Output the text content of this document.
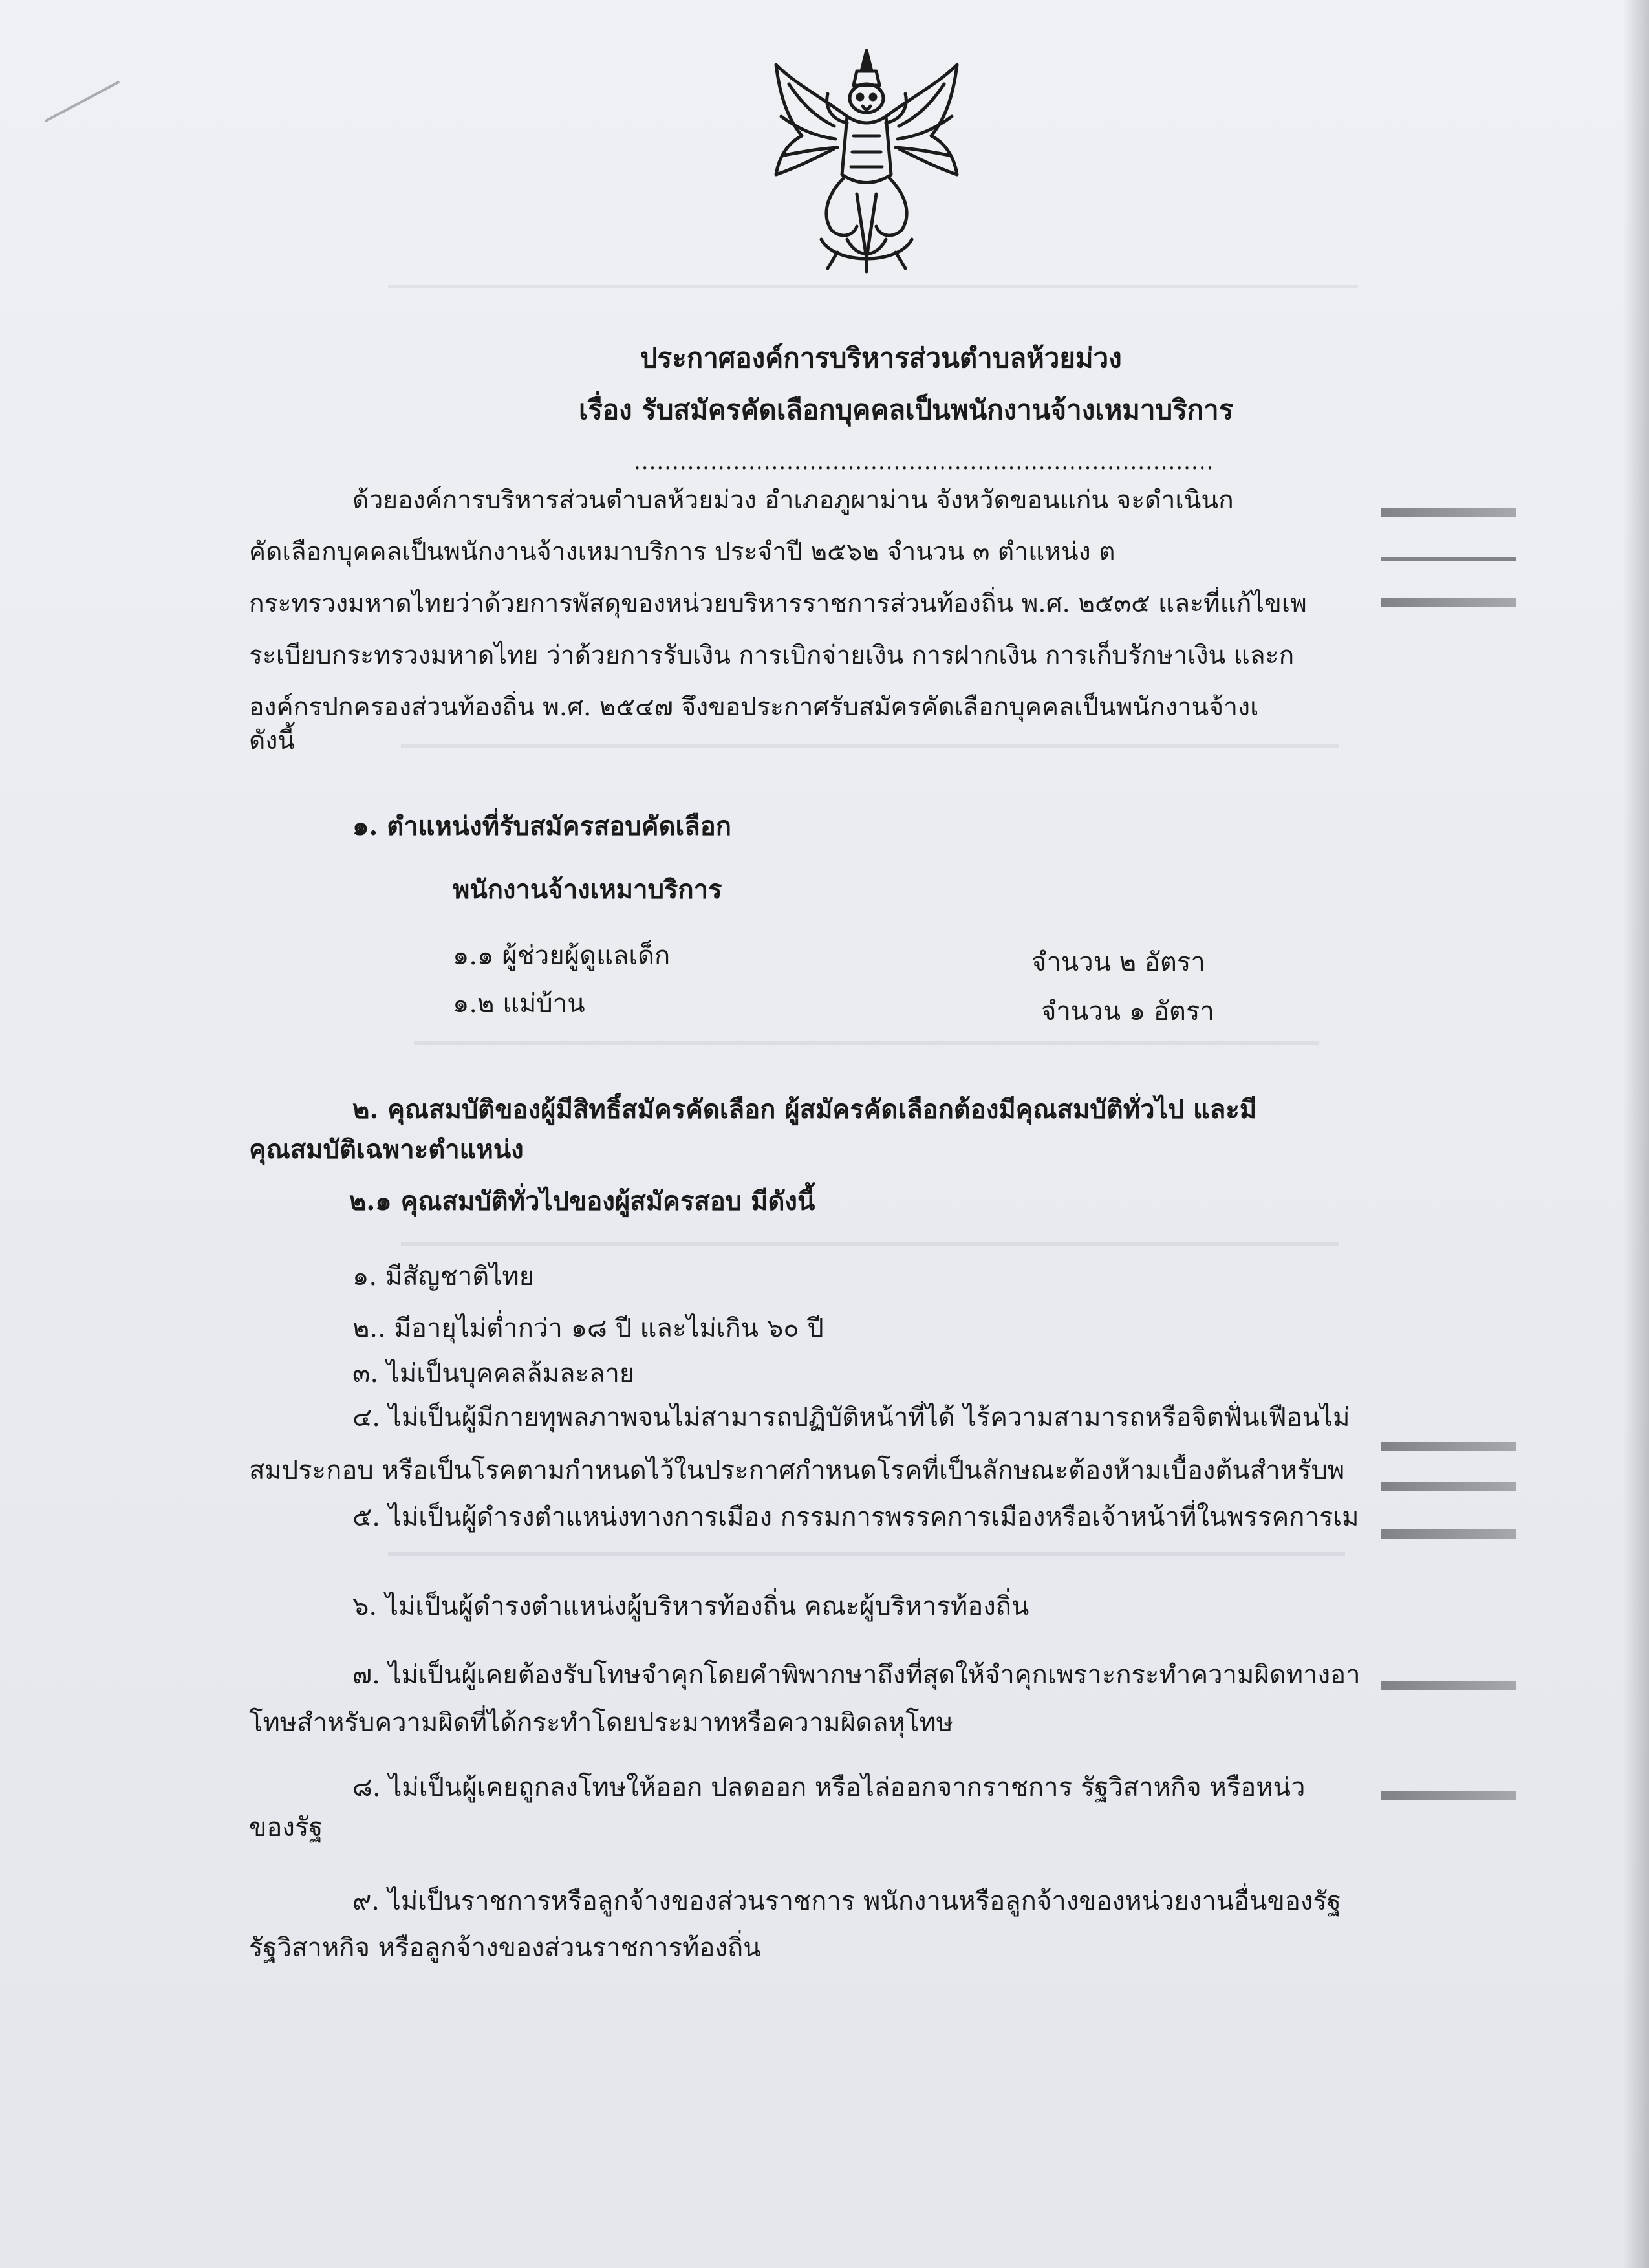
ประกาศองค์การบริหารส่วนตำบลห้วยม่วง
เรื่อง รับสมัครคัดเลือกบุคคลเป็นพนักงานจ้างเหมาบริการ
............................................................................
ด้วยองค์การบริหารส่วนตำบลห้วยม่วง อำเภอภูผาม่าน จังหวัดขอนแก่น จะดำเนินก
คัดเลือกบุคคลเป็นพนักงานจ้างเหมาบริการ ประจำปี ๒๕๖๒ จำนวน ๓ ตำแหน่ง ต
กระทรวงมหาดไทยว่าด้วยการพัสดุของหน่วยบริหารราชการส่วนท้องถิ่น พ.ศ. ๒๕๓๕ และที่แก้ไขเพ
ระเบียบกระทรวงมหาดไทย ว่าด้วยการรับเงิน การเบิกจ่ายเงิน การฝากเงิน การเก็บรักษาเงิน และก
องค์กรปกครองส่วนท้องถิ่น พ.ศ. ๒๕๔๗ จึงขอประกาศรับสมัครคัดเลือกบุคคลเป็นพนักงานจ้างเ
ดังนี้
๑. ตำแหน่งที่รับสมัครสอบคัดเลือก
พนักงานจ้างเหมาบริการ
๑.๑ ผู้ช่วยผู้ดูแลเด็ก	จำนวน ๒ อัตรา
๑.๒ แม่บ้าน	จำนวน ๑ อัตรา
๒. คุณสมบัติของผู้มีสิทธิ์สมัครคัดเลือก ผู้สมัครคัดเลือกต้องมีคุณสมบัติทั่วไป และมี
คุณสมบัติเฉพาะตำแหน่ง
๒.๑ คุณสมบัติทั่วไปของผู้สมัครสอบ มีดังนี้
๑. มีสัญชาติไทย
๒.. มีอายุไม่ต่ำกว่า ๑๘ ปี และไม่เกิน ๖๐ ปี
๓. ไม่เป็นบุคคลล้มละลาย
๔. ไม่เป็นผู้มีกายทุพลภาพจนไม่สามารถปฏิบัติหน้าที่ได้ ไร้ความสามารถหรือจิตฟั่นเฟือนไม่
สมประกอบ หรือเป็นโรคตามกำหนดไว้ในประกาศกำหนดโรคที่เป็นลักษณะต้องห้ามเบื้องต้นสำหรับพ
๕. ไม่เป็นผู้ดำรงตำแหน่งทางการเมือง กรรมการพรรคการเมืองหรือเจ้าหน้าที่ในพรรคการเม
๖. ไม่เป็นผู้ดำรงตำแหน่งผู้บริหารท้องถิ่น คณะผู้บริหารท้องถิ่น
๗. ไม่เป็นผู้เคยต้องรับโทษจำคุกโดยคำพิพากษาถึงที่สุดให้จำคุกเพราะกระทำความผิดทางอา
โทษสำหรับความผิดที่ได้กระทำโดยประมาทหรือความผิดลหุโทษ
๘. ไม่เป็นผู้เคยถูกลงโทษให้ออก ปลดออก หรือไล่ออกจากราชการ รัฐวิสาหกิจ หรือหน่ว
ของรัฐ
๙. ไม่เป็นราชการหรือลูกจ้างของส่วนราชการ พนักงานหรือลูกจ้างของหน่วยงานอื่นของรัฐ
รัฐวิสาหกิจ หรือลูกจ้างของส่วนราชการท้องถิ่น
